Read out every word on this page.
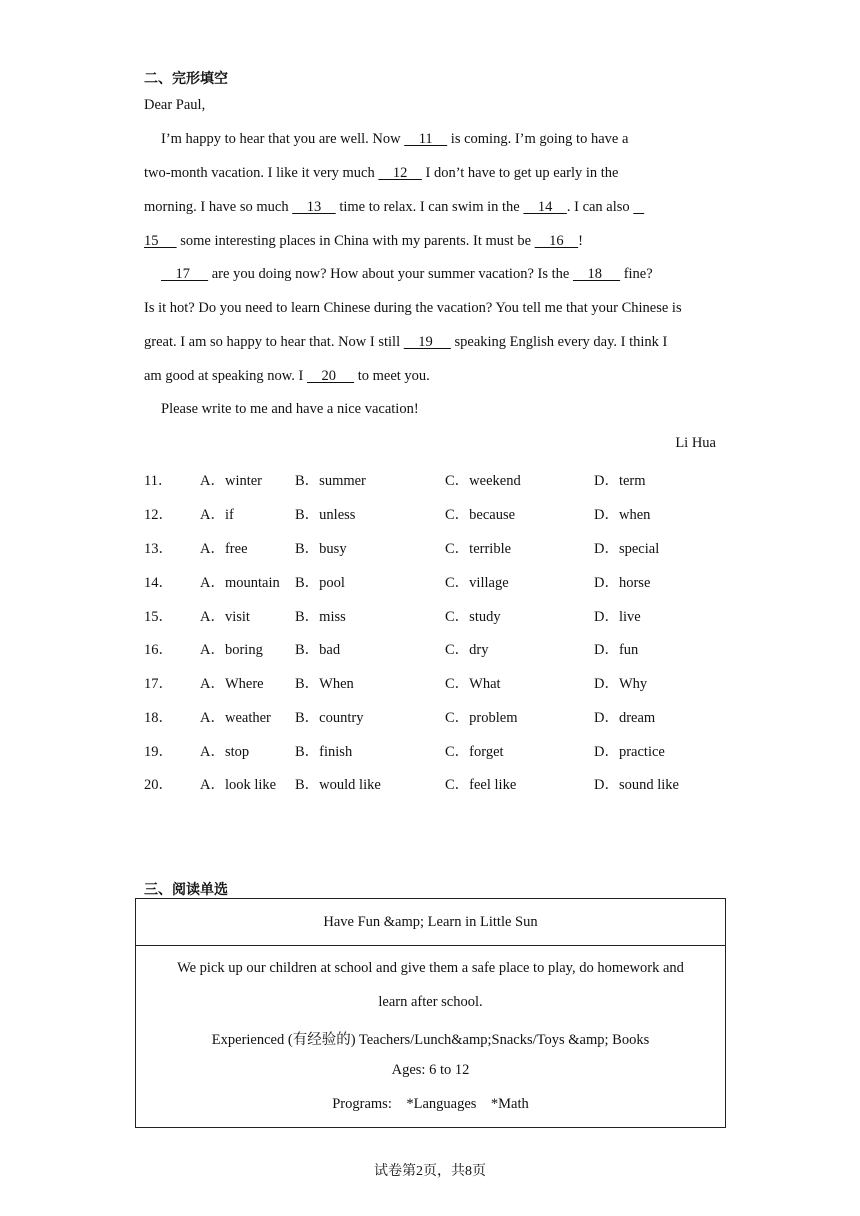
二、完形填空
Dear Paul,
I’m happy to hear that you are well. Now     11     is coming. I’m going to have a
two-month vacation. I like it very much     12     I don’t have to get up early in the
morning. I have so much     13     time to relax. I can swim in the     14    . I can also
15      some interesting places in China with my parents. It must be     16    !
17      are you doing now? How about your summer vacation? Is the     18      fine?
Is it hot? Do you need to learn Chinese during the vacation? You tell me that your Chinese is
great. I am so happy to hear that. Now I still     19      speaking English every day. I think I
am good at speaking now. I     20      to meet you.
Please write to me and have a nice vacation!
Li Hua
11． A．winter B．summer	C．weekend	D．term
12． A．if	B．unless	C．because	D．when
13． A．free	B．busy	C．terrible	D．special
14． A．mountain B．pool	C．village	D．horse
15． A．visit	B．miss	C．study	D．live
16． A．boring B．bad	C．dry	D．fun
17． A．Where B．When	C．What	D．Why
18． A．weather B．country	C．problem	D．dream
19． A．stop	B．finish	C．forget	D．practice
20． A．look like B．would like	C．feel like	D．sound like
三、阅读单选
Have Fun &amp; Learn in Little Sun
We pick up our children at school and give them a safe place to play, do homework and
learn after school.
Experienced (有经验的) Teachers/Lunch&amp;Snacks/Toys &amp; Books
Ages: 6 to 12
Programs:    *Languages    *Math
试卷第2页，共8页
